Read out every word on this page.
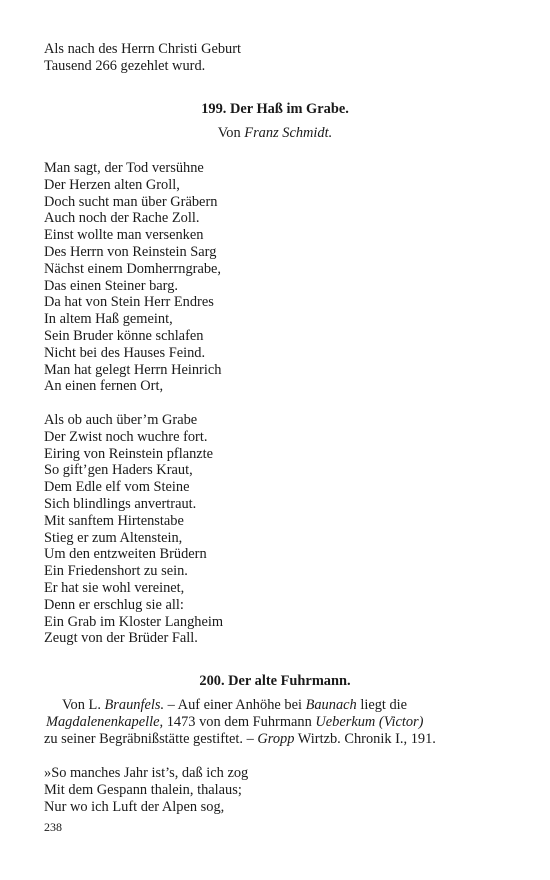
Als nach des Herrn Christi Geburt
Tausend 266 gezehlet wurd.
199. Der Haß im Grabe.
Von Franz Schmidt.
Man sagt, der Tod versühne
Der Herzen alten Groll,
Doch sucht man über Gräbern
Auch noch der Rache Zoll.
Einst wollte man versenken
Des Herrn von Reinstein Sarg
Nächst einem Domherrngrabe,
Das einen Steiner barg.
Da hat von Stein Herr Endres
In altem Haß gemeint,
Sein Bruder könne schlafen
Nicht bei des Hauses Feind.
Man hat gelegt Herrn Heinrich
An einen fernen Ort,
Als ob auch über’m Grabe
Der Zwist noch wuchre fort.
Eiring von Reinstein pflanzte
So gift’gen Haders Kraut,
Dem Edle elf vom Steine
Sich blindlings anvertraut.
Mit sanftem Hirtenstabe
Stieg er zum Altenstein,
Um den entzweiten Brüdern
Ein Friedenshort zu sein.
Er hat sie wohl vereinet,
Denn er erschlug sie all:
Ein Grab im Kloster Langheim
Zeugt von der Brüder Fall.
200. Der alte Fuhrmann.
Von L. Braunfels. – Auf einer Anhöhe bei Baunach liegt die
Magdalenenkapelle, 1473 von dem Fuhrmann Ueberkum (Victor)
zu seiner Begräbnißstätte gestiftet. – Gropp Wirtzb. Chronik I., 191.
»So manches Jahr ist’s, daß ich zog
Mit dem Gespann thalein, thalaus;
Nur wo ich Luft der Alpen sog,
238
